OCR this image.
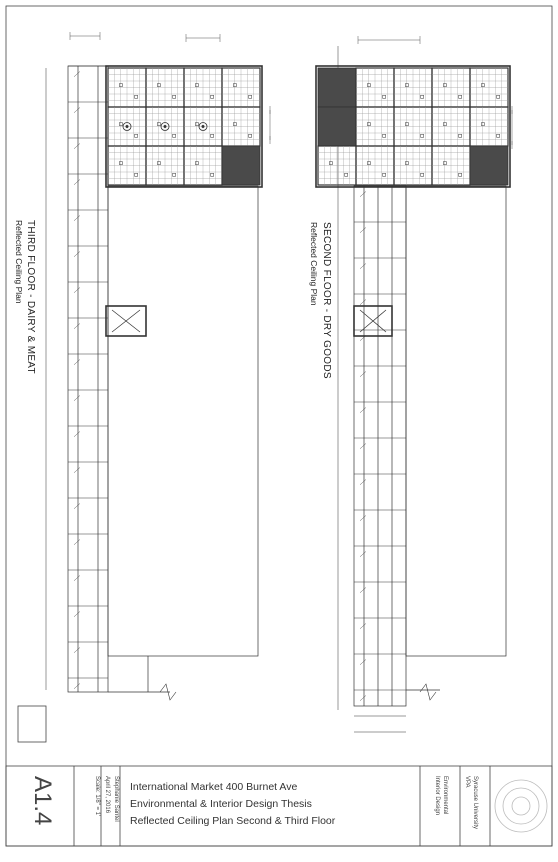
THIRD FLOOR - DAIRY & MEAT
Reflected Ceiling Plan	SECOND FLOOR - DRY GOODS
Reflected Ceiling Plan
A1.4	Scale: 1/8" = 1' April 27, 2016 Stephanie Santel International Market 400 Burnet Ave
Environmental & Interior Design Thesis
Reflected Ceiling Plan Second & Third Floor	Syracuse University
VPA
Environmental
Interior Design
